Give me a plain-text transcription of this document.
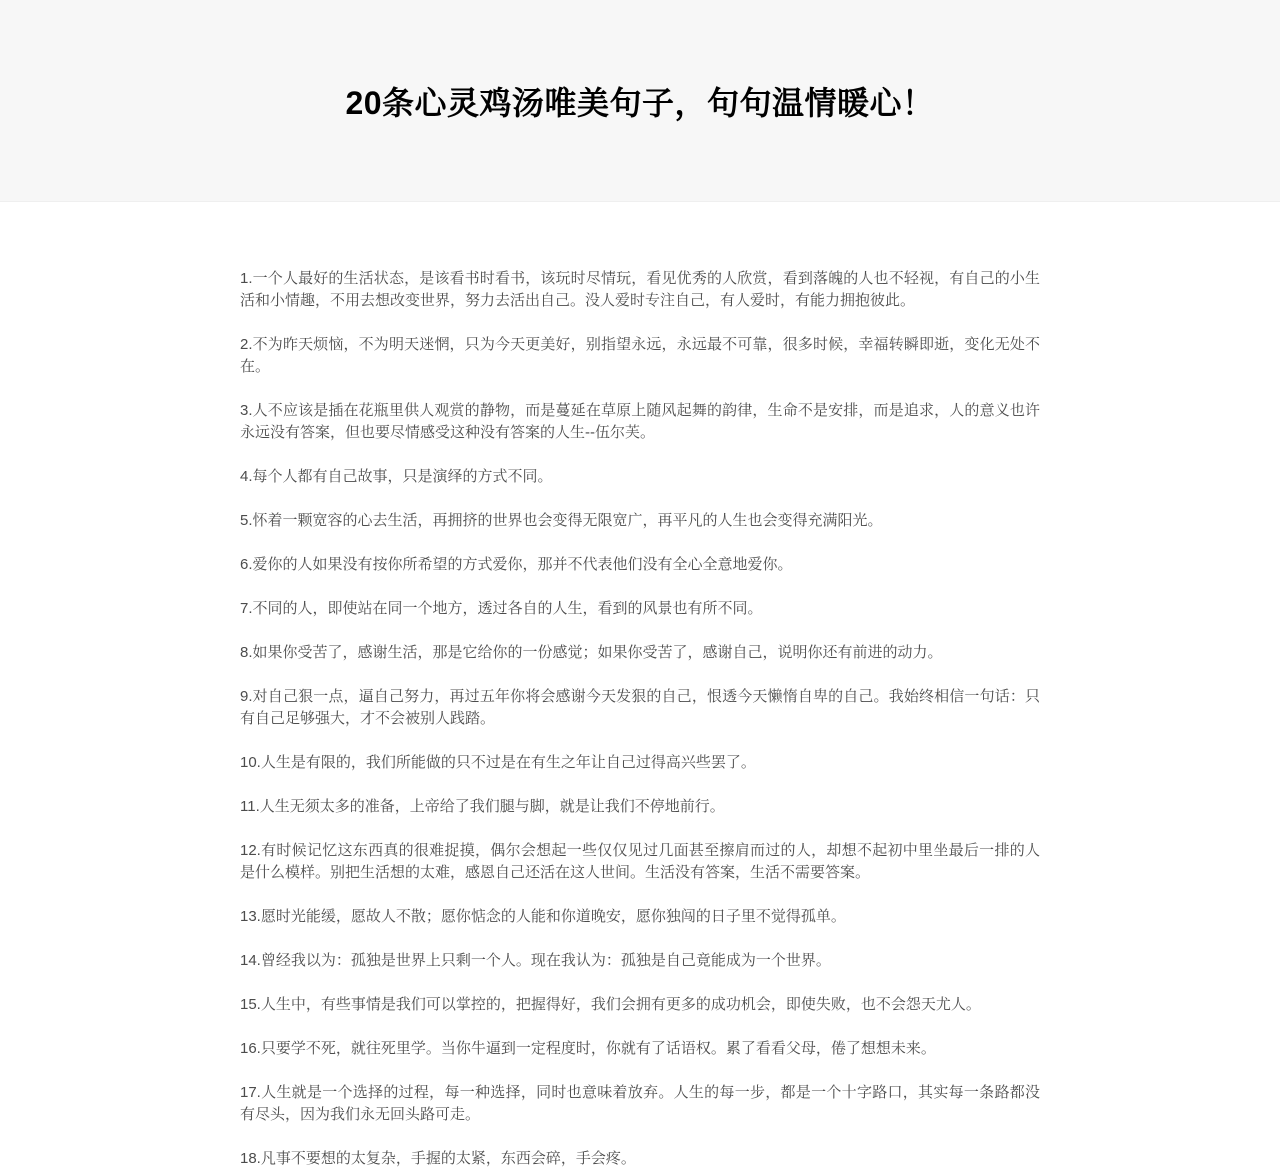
20条心灵鸡汤唯美句子，句句温情暖心！

1.一个人最好的生活状态，是该看书时看书，该玩时尽情玩，看见优秀的人欣赏，看到落魄的人也不轻视，有自己的小生活和小情趣，不用去想改变世界，努力去活出自己。没人爱时专注自己，有人爱时，有能力拥抱彼此。

2.不为昨天烦恼，不为明天迷惘，只为今天更美好，别指望永远，永远最不可靠，很多时候，幸福转瞬即逝，变化无处不在。

3.人不应该是插在花瓶里供人观赏的静物，而是蔓延在草原上随风起舞的韵律，生命不是安排，而是追求，人的意义也许永远没有答案，但也要尽情感受这种没有答案的人生--伍尔芙。

4.每个人都有自己故事，只是演绎的方式不同。

5.怀着一颗宽容的心去生活，再拥挤的世界也会变得无限宽广，再平凡的人生也会变得充满阳光。

6.爱你的人如果没有按你所希望的方式爱你，那并不代表他们没有全心全意地爱你。

7.不同的人，即使站在同一个地方，透过各自的人生，看到的风景也有所不同。

8.如果你受苦了，感谢生活，那是它给你的一份感觉；如果你受苦了，感谢自己，说明你还有前进的动力。

9.对自己狠一点，逼自己努力，再过五年你将会感谢今天发狠的自己，恨透今天懒惰自卑的自己。我始终相信一句话：只有自己足够强大，才不会被别人践踏。

10.人生是有限的，我们所能做的只不过是在有生之年让自己过得高兴些罢了。

11.人生无须太多的准备，上帝给了我们腿与脚，就是让我们不停地前行。

12.有时候记忆这东西真的很难捉摸，偶尔会想起一些仅仅见过几面甚至擦肩而过的人，却想不起初中里坐最后一排的人是什么模样。别把生活想的太难，感恩自己还活在这人世间。生活没有答案，生活不需要答案。

13.愿时光能缓，愿故人不散；愿你惦念的人能和你道晚安，愿你独闯的日子里不觉得孤单。

14.曾经我以为：孤独是世界上只剩一个人。现在我认为：孤独是自己竟能成为一个世界。

15.人生中，有些事情是我们可以掌控的，把握得好，我们会拥有更多的成功机会，即使失败，也不会怨天尤人。

16.只要学不死，就往死里学。当你牛逼到一定程度时，你就有了话语权。累了看看父母，倦了想想未来。

17.人生就是一个选择的过程，每一种选择，同时也意味着放弃。人生的每一步，都是一个十字路口，其实每一条路都没有尽头，因为我们永无回头路可走。

18.凡事不要想的太复杂，手握的太紧，东西会碎，手会疼。
